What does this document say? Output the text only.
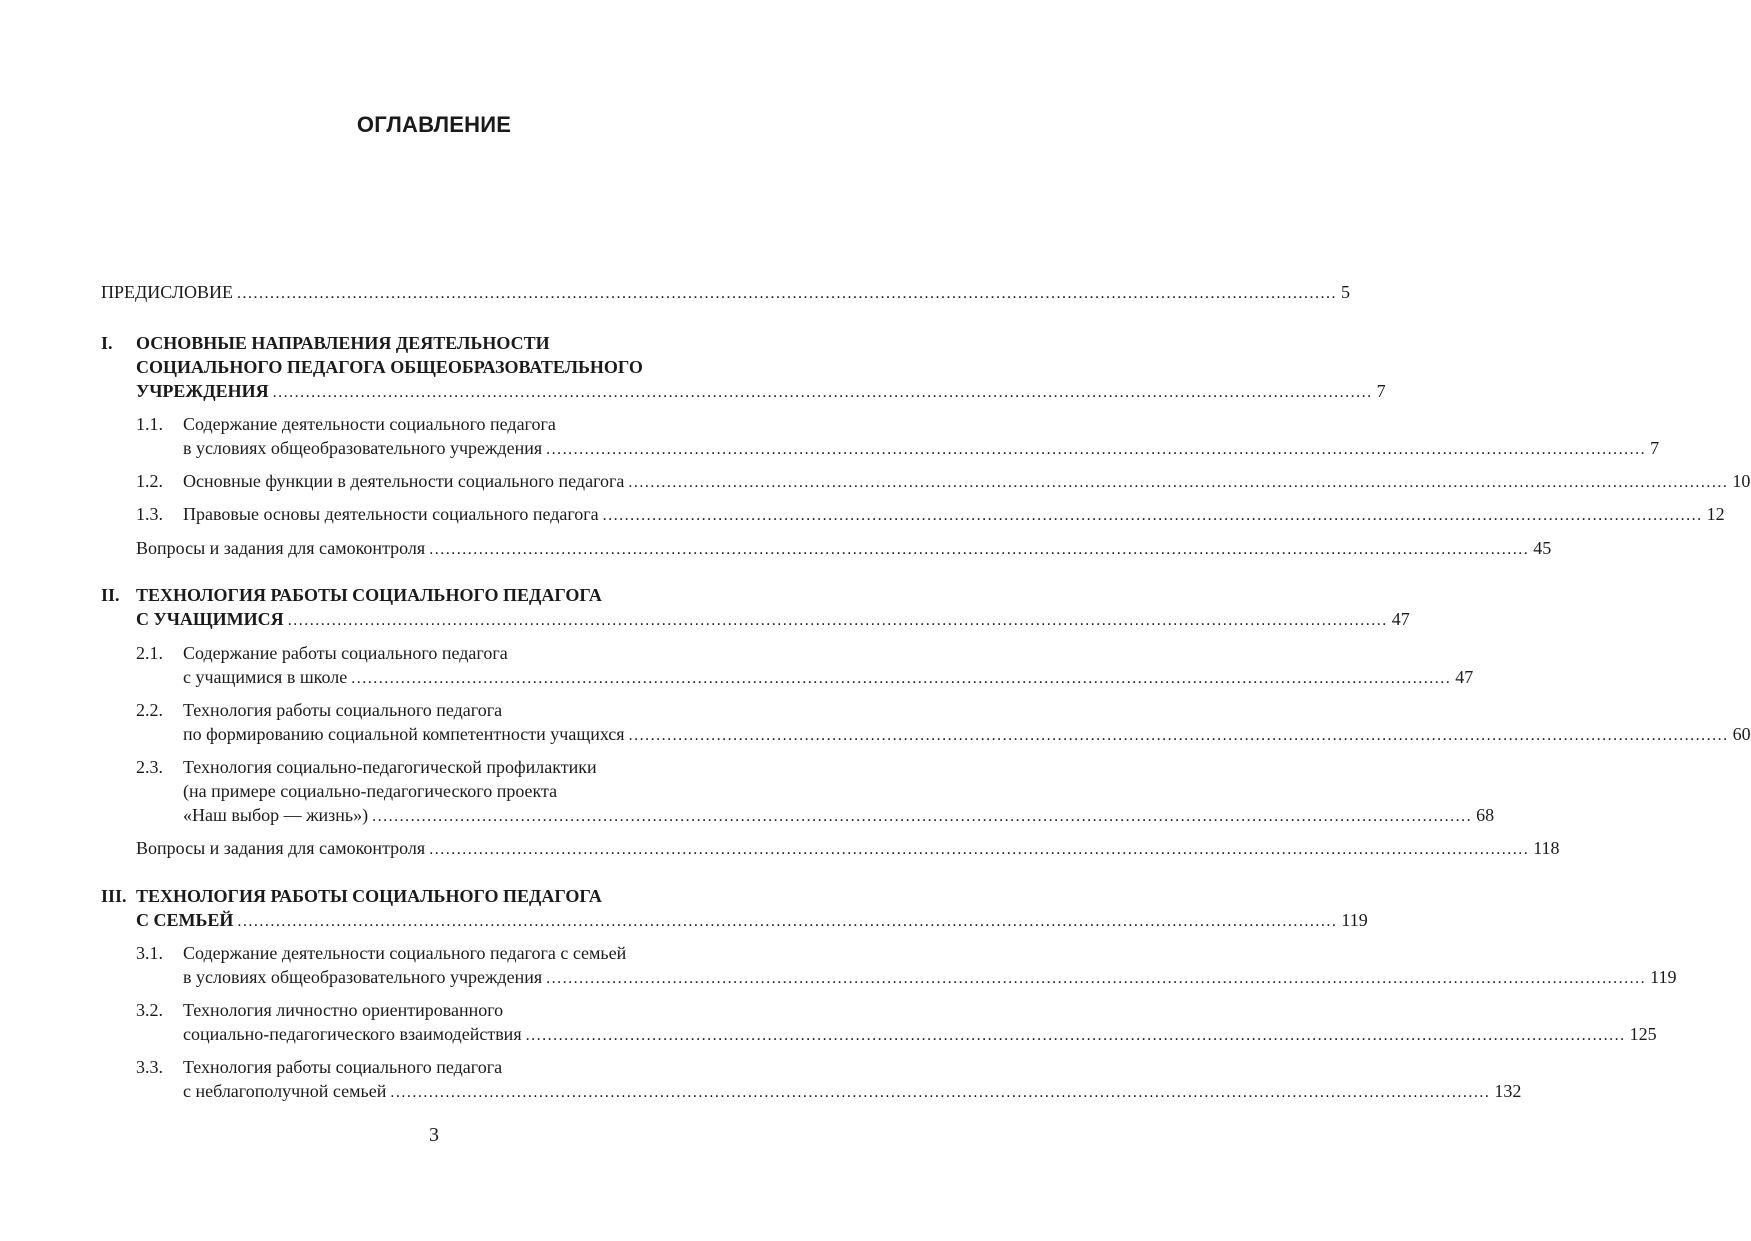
ОГЛАВЛЕНИЕ
ПРЕДИСЛОВИЕ ........................................................................................................................................................................................................ 5
I. ОСНОВНЫЕ НАПРАВЛЕНИЯ ДЕЯТЕЛЬНОСТИ
СОЦИАЛЬНОГО ПЕДАГОГА ОБЩЕОБРАЗОВАТЕЛЬНОГО
УЧРЕЖДЕНИЯ ........................................................................................................................................................................................................ 7
1.1. Содержание деятельности социального педагога
в условиях общеобразовательного учреждения ........................................................................................................................................................................................................ 7
1.2. Основные функции в деятельности социального педагога ........................................................................................................................................................................................................ 10
1.3. Правовые основы деятельности социального педагога ........................................................................................................................................................................................................ 12
Вопросы и задания для самоконтроля ........................................................................................................................................................................................................ 45
II. ТЕХНОЛОГИЯ РАБОТЫ СОЦИАЛЬНОГО ПЕДАГОГА
С УЧАЩИМИСЯ ........................................................................................................................................................................................................ 47
2.1. Содержание работы социального педагога
с учащимися в школе ........................................................................................................................................................................................................ 47
2.2. Технология работы социального педагога
по формированию социальной компетентности учащихся ........................................................................................................................................................................................................ 60
2.3. Технология социально-педагогической профилактики
(на примере социально-педагогического проекта
«Наш выбор — жизнь») ........................................................................................................................................................................................................ 68
Вопросы и задания для самоконтроля ........................................................................................................................................................................................................ 118
III. ТЕХНОЛОГИЯ РАБОТЫ СОЦИАЛЬНОГО ПЕДАГОГА
С СЕМЬЕЙ ........................................................................................................................................................................................................ 119
3.1. Содержание деятельности социального педагога с семьей
в условиях общеобразовательного учреждения ........................................................................................................................................................................................................ 119
3.2. Технология личностно ориентированного
социально-педагогического взаимодействия ........................................................................................................................................................................................................ 125
3.3. Технология работы социального педагога
с неблагополучной семьей ........................................................................................................................................................................................................ 132
3
